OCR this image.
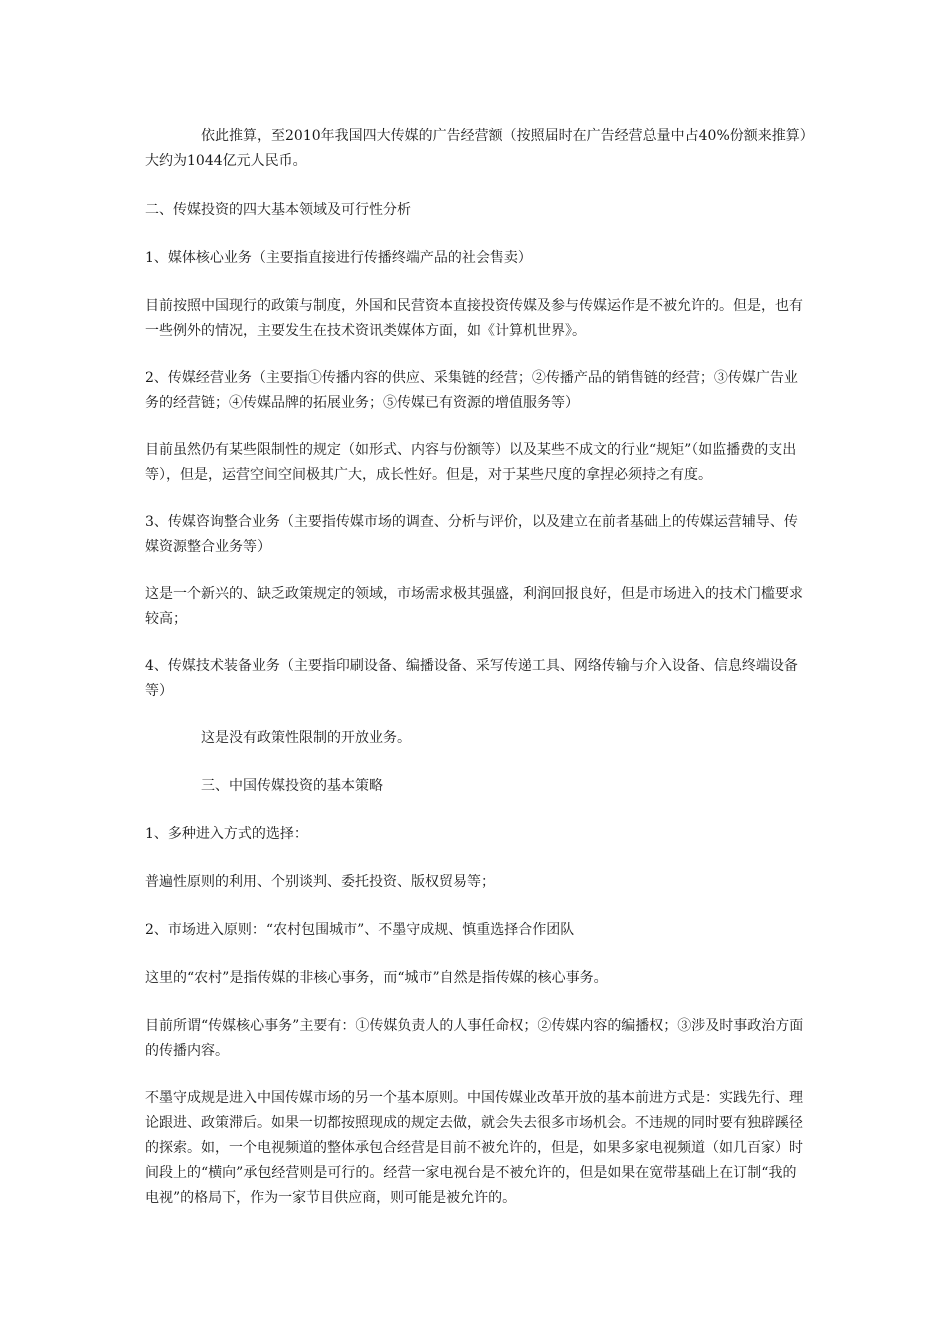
依此推算，至2010年我国四大传媒的广告经营额（按照届时在广告经营总量中占40%份额来推算）大约为1044亿元人民币。

二、传媒投资的四大基本领域及可行性分析

1、媒体核心业务（主要指直接进行传播终端产品的社会售卖）

目前按照中国现行的政策与制度，外国和民营资本直接投资传媒及参与传媒运作是不被允许的。但是，也有一些例外的情况，主要发生在技术资讯类媒体方面，如《计算机世界》。

2、传媒经营业务（主要指①传播内容的供应、采集链的经营；②传播产品的销售链的经营；③传媒广告业务的经营链；④传媒品牌的拓展业务；⑤传媒已有资源的增值服务等）

目前虽然仍有某些限制性的规定（如形式、内容与份额等）以及某些不成文的行业“规矩”（如监播费的支出等），但是，运营空间空间极其广大，成长性好。但是，对于某些尺度的拿捏必须持之有度。

3、传媒咨询整合业务（主要指传媒市场的调查、分析与评价，以及建立在前者基础上的传媒运营辅导、传媒资源整合业务等）

这是一个新兴的、缺乏政策规定的领域，市场需求极其强盛，利润回报良好，但是市场进入的技术门槛要求较高；

4、传媒技术装备业务（主要指印刷设备、编播设备、采写传递工具、网络传输与介入设备、信息终端设备等）

这是没有政策性限制的开放业务。

三、中国传媒投资的基本策略

1、多种进入方式的选择：

普遍性原则的利用、个别谈判、委托投资、版权贸易等；

2、市场进入原则：“农村包围城市”、不墨守成规、慎重选择合作团队

这里的“农村”是指传媒的非核心事务，而“城市”自然是指传媒的核心事务。

目前所谓“传媒核心事务”主要有：①传媒负责人的人事任命权；②传媒内容的编播权；③涉及时事政治方面的传播内容。

不墨守成规是进入中国传媒市场的另一个基本原则。中国传媒业改革开放的基本前进方式是：实践先行、理论跟进、政策滞后。如果一切都按照现成的规定去做，就会失去很多市场机会。不违规的同时要有独辟蹊径的探索。如，一个电视频道的整体承包合经营是目前不被允许的，但是，如果多家电视频道（如几百家）时间段上的“横向”承包经营则是可行的。经营一家电视台是不被允许的，但是如果在宽带基础上在订制“我的电视”的格局下，作为一家节目供应商，则可能是被允许的。
